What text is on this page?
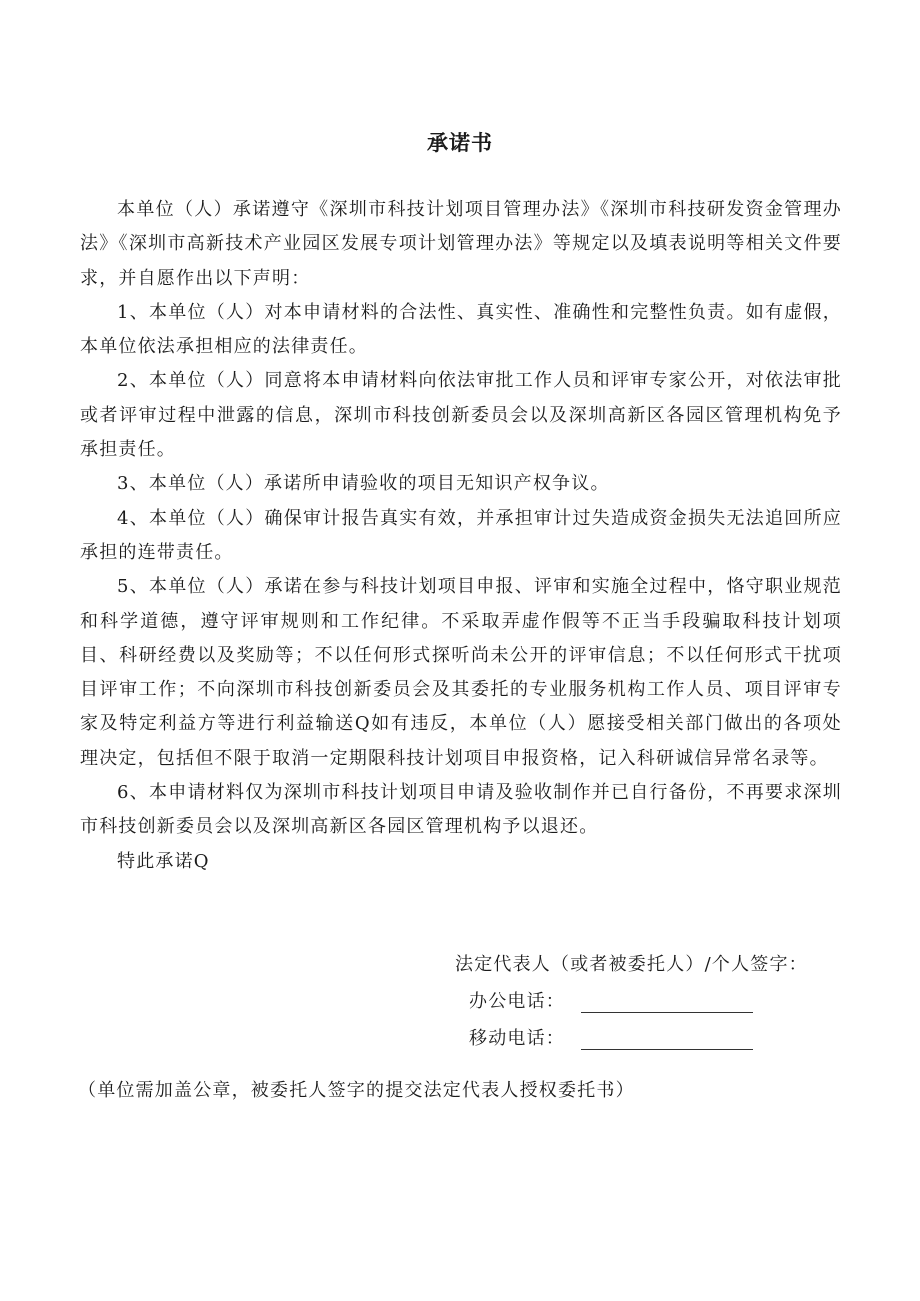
承诺书

本单位（人）承诺遵守《深圳市科技计划项目管理办法》《深圳市科技研发资金管理办法》《深圳市高新技术产业园区发展专项计划管理办法》等规定以及填表说明等相关文件要求，并自愿作出以下声明：

1、本单位（人）对本申请材料的合法性、真实性、准确性和完整性负责。如有虚假，本单位依法承担相应的法律责任。

2、本单位（人）同意将本申请材料向依法审批工作人员和评审专家公开，对依法审批或者评审过程中泄露的信息，深圳市科技创新委员会以及深圳高新区各园区管理机构免予承担责任。

3、本单位（人）承诺所申请验收的项目无知识产权争议。

4、本单位（人）确保审计报告真实有效，并承担审计过失造成资金损失无法追回所应承担的连带责任。

5、本单位（人）承诺在参与科技计划项目申报、评审和实施全过程中，恪守职业规范和科学道德，遵守评审规则和工作纪律。不采取弄虚作假等不正当手段骗取科技计划项目、科研经费以及奖励等；不以任何形式探听尚未公开的评审信息；不以任何形式干扰项目评审工作；不向深圳市科技创新委员会及其委托的专业服务机构工作人员、项目评审专家及特定利益方等进行利益输送Q如有违反，本单位（人）愿接受相关部门做出的各项处理决定，包括但不限于取消一定期限科技计划项目申报资格，记入科研诚信异常名录等。

6、本申请材料仅为深圳市科技计划项目申请及验收制作并已自行备份，不再要求深圳市科技创新委员会以及深圳高新区各园区管理机构予以退还。

特此承诺Q

法定代表人（或者被委托人）/个人签字：
办公电话：
移动电话：

（单位需加盖公章，被委托人签字的提交法定代表人授权委托书）
